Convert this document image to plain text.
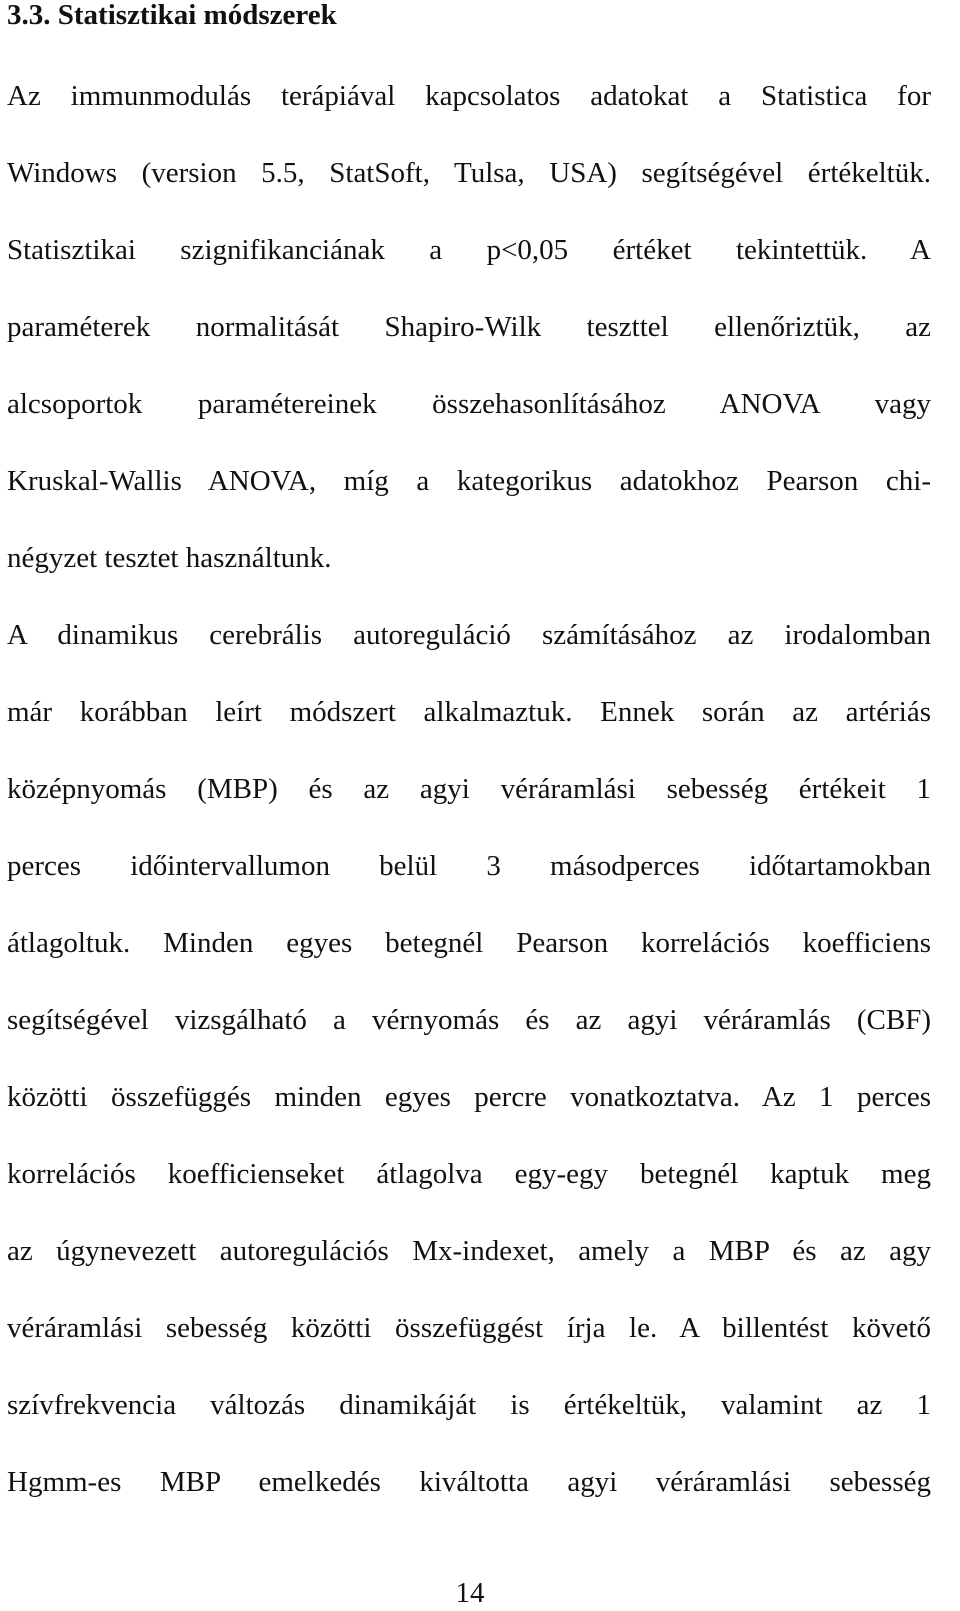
3.3. Statisztikai módszerek
Az immunmodulás terápiával kapcsolatos adatokat a Statistica for
Windows (version 5.5, StatSoft, Tulsa, USA) segítségével értékeltük.
Statisztikai szignifikanciának a p<0,05 értéket tekintettük. A
paraméterek normalitását Shapiro-Wilk teszttel ellenőriztük, az
alcsoportok paramétereinek összehasonlításához ANOVA vagy
Kruskal-Wallis ANOVA, míg a kategorikus adatokhoz Pearson chi-
négyzet tesztet használtunk.
A dinamikus cerebrális autoreguláció számításához az irodalomban
már korábban leírt módszert alkalmaztuk. Ennek során az artériás
középnyomás (MBP) és az agyi véráramlási sebesség értékeit 1
perces időintervallumon belül 3 másodperces időtartamokban
átlagoltuk. Minden egyes betegnél Pearson korrelációs koefficiens
segítségével vizsgálható a vérnyomás és az agyi véráramlás (CBF)
közötti összefüggés minden egyes percre vonatkoztatva. Az 1 perces
korrelációs koefficienseket átlagolva egy-egy betegnél kaptuk meg
az úgynevezett autoregulációs Mx-indexet, amely a MBP és az agy
véráramlási sebesség közötti összefüggést írja le. A billentést követő
szívfrekvencia változás dinamikáját is értékeltük, valamint az 1
Hgmm-es MBP emelkedés kiváltotta agyi véráramlási sebesség
14
